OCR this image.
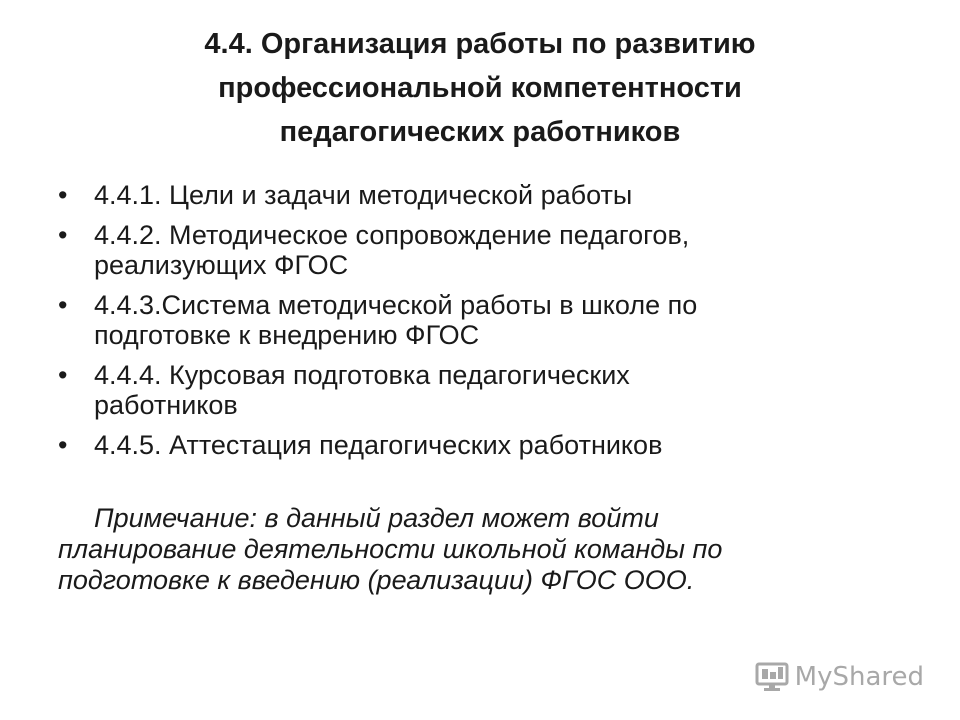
4.4. Организация работы по развитию
профессиональной компетентности
педагогических работников
• 4.4.1. Цели и задачи методической работы
• 4.4.2. Методическое сопровождение педагогов,
реализующих ФГОС
• 4.4.3.Система методической работы в школе по
подготовке к внедрению ФГОС
• 4.4.4. Курсовая подготовка педагогических
работников
• 4.4.5. Аттестация педагогических работников

Примечание: в данный раздел может войти
планирование деятельности школьной команды по
подготовке к введению (реализации) ФГОС ООО.

MyShared
